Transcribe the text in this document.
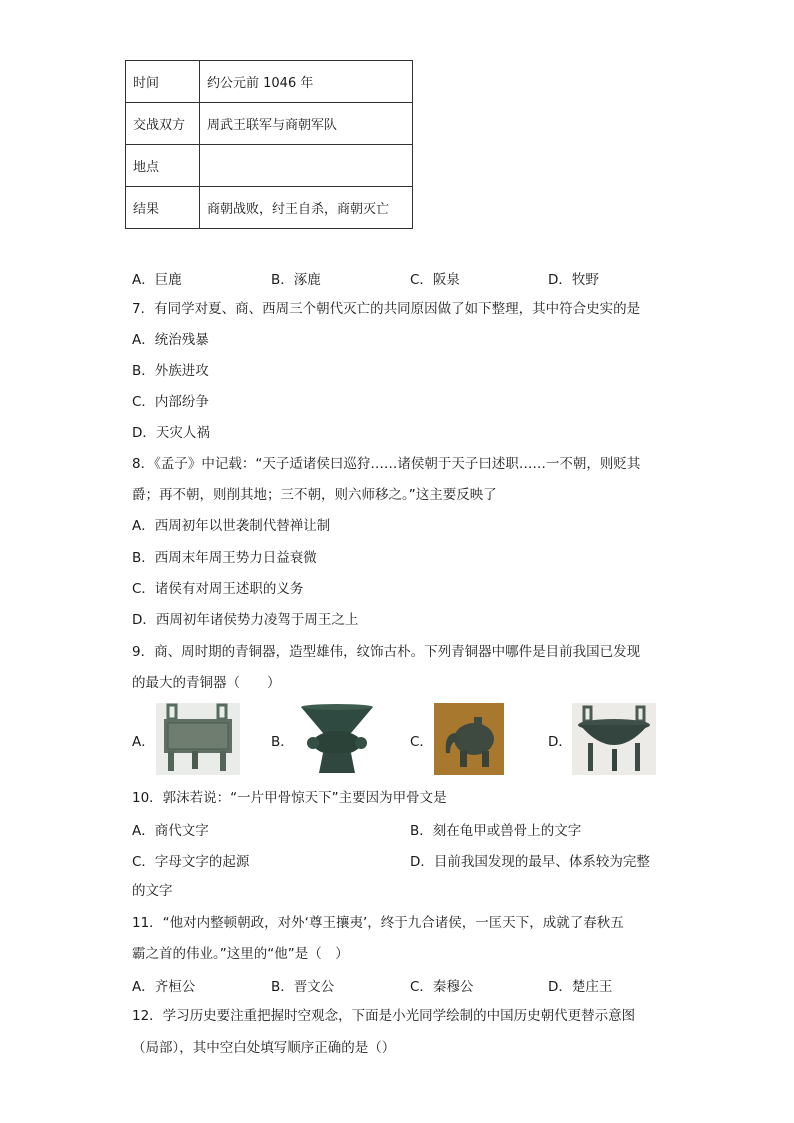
时间	约公元前 1046 年
交战双方	周武王联军与商朝军队
地点	
结果	商朝战败，纣王自杀，商朝灭亡
A．巨鹿	B．涿鹿	C．阪泉	D．牧野
7．有同学对夏、商、西周三个朝代灭亡的共同原因做了如下整理，其中符合史实的是
A．统治残暴
B．外族进攻
C．内部纷争
D．天灾人祸
8．《孟子》中记载：“天子适诸侯曰巡狩……诸侯朝于天子曰述职……一不朝，则贬其
爵；再不朝，则削其地；三不朝，则六师移之。”这主要反映了
A．西周初年以世袭制代替禅让制
B．西周末年周王势力日益衰微
C．诸侯有对周王述职的义务
D．西周初年诸侯势力凌驾于周王之上
9．商、周时期的青铜器，造型雄伟，纹饰古朴。下列青铜器中哪件是目前我国已发现
的最大的青铜器（　　）
A．	B．	C．	D．
10．郭沫若说：“一片甲骨惊天下”主要因为甲骨文是
A．商代文字	B．刻在龟甲或兽骨上的文字
C．字母文字的起源	D．目前我国发现的最早、体系较为完整
的文字
11．“他对内整顿朝政，对外‘尊王攘夷’，终于九合诸侯，一匡天下，成就了春秋五
霸之首的伟业。”这里的“他”是（　）
A．齐桓公	B．晋文公	C．秦穆公	D．楚庄王
12．学习历史要注重把握时空观念，下面是小光同学绘制的中国历史朝代更替示意图
（局部），其中空白处填写顺序正确的是（）
